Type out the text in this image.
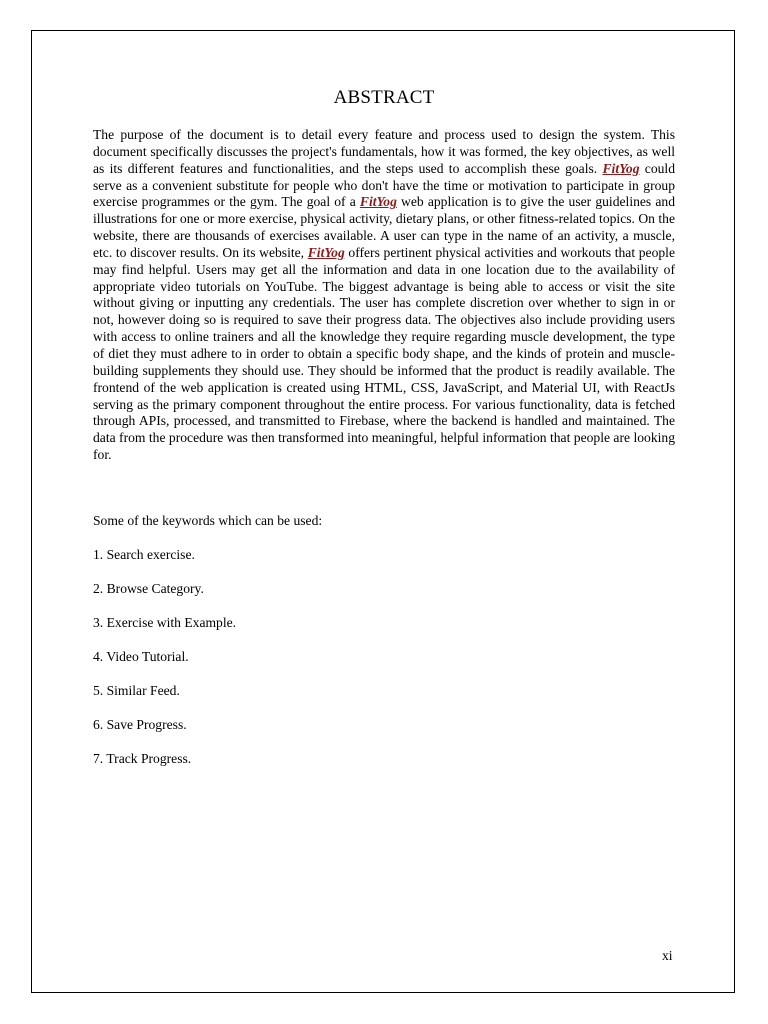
ABSTRACT

The purpose of the document is to detail every feature and process used to design the system. This document specifically discusses the project's fundamentals, how it was formed, the key objectives, as well as its different features and functionalities, and the steps used to accomplish these goals. FitYog could serve as a convenient substitute for people who don't have the time or motivation to participate in group exercise programmes or the gym. The goal of a FitYog web application is to give the user guidelines and illustrations for one or more exercise, physical activity, dietary plans, or other fitness-related topics. On the website, there are thousands of exercises available. A user can type in the name of an activity, a muscle, etc. to discover results. On its website, FitYog offers pertinent physical activities and workouts that people may find helpful. Users may get all the information and data in one location due to the availability of appropriate video tutorials on YouTube. The biggest advantage is being able to access or visit the site without giving or inputting any credentials. The user has complete discretion over whether to sign in or not, however doing so is required to save their progress data. The objectives also include providing users with access to online trainers and all the knowledge they require regarding muscle development, the type of diet they must adhere to in order to obtain a specific body shape, and the kinds of protein and muscle-building supplements they should use. They should be informed that the product is readily available. The frontend of the web application is created using HTML, CSS, JavaScript, and Material UI, with ReactJs serving as the primary component throughout the entire process. For various functionality, data is fetched through APIs, processed, and transmitted to Firebase, where the backend is handled and maintained. The data from the procedure was then transformed into meaningful, helpful information that people are looking for.

Some of the keywords which can be used:

1. Search exercise.
2. Browse Category.
3. Exercise with Example.
4. Video Tutorial.
5. Similar Feed.
6. Save Progress.
7. Track Progress.
xi
